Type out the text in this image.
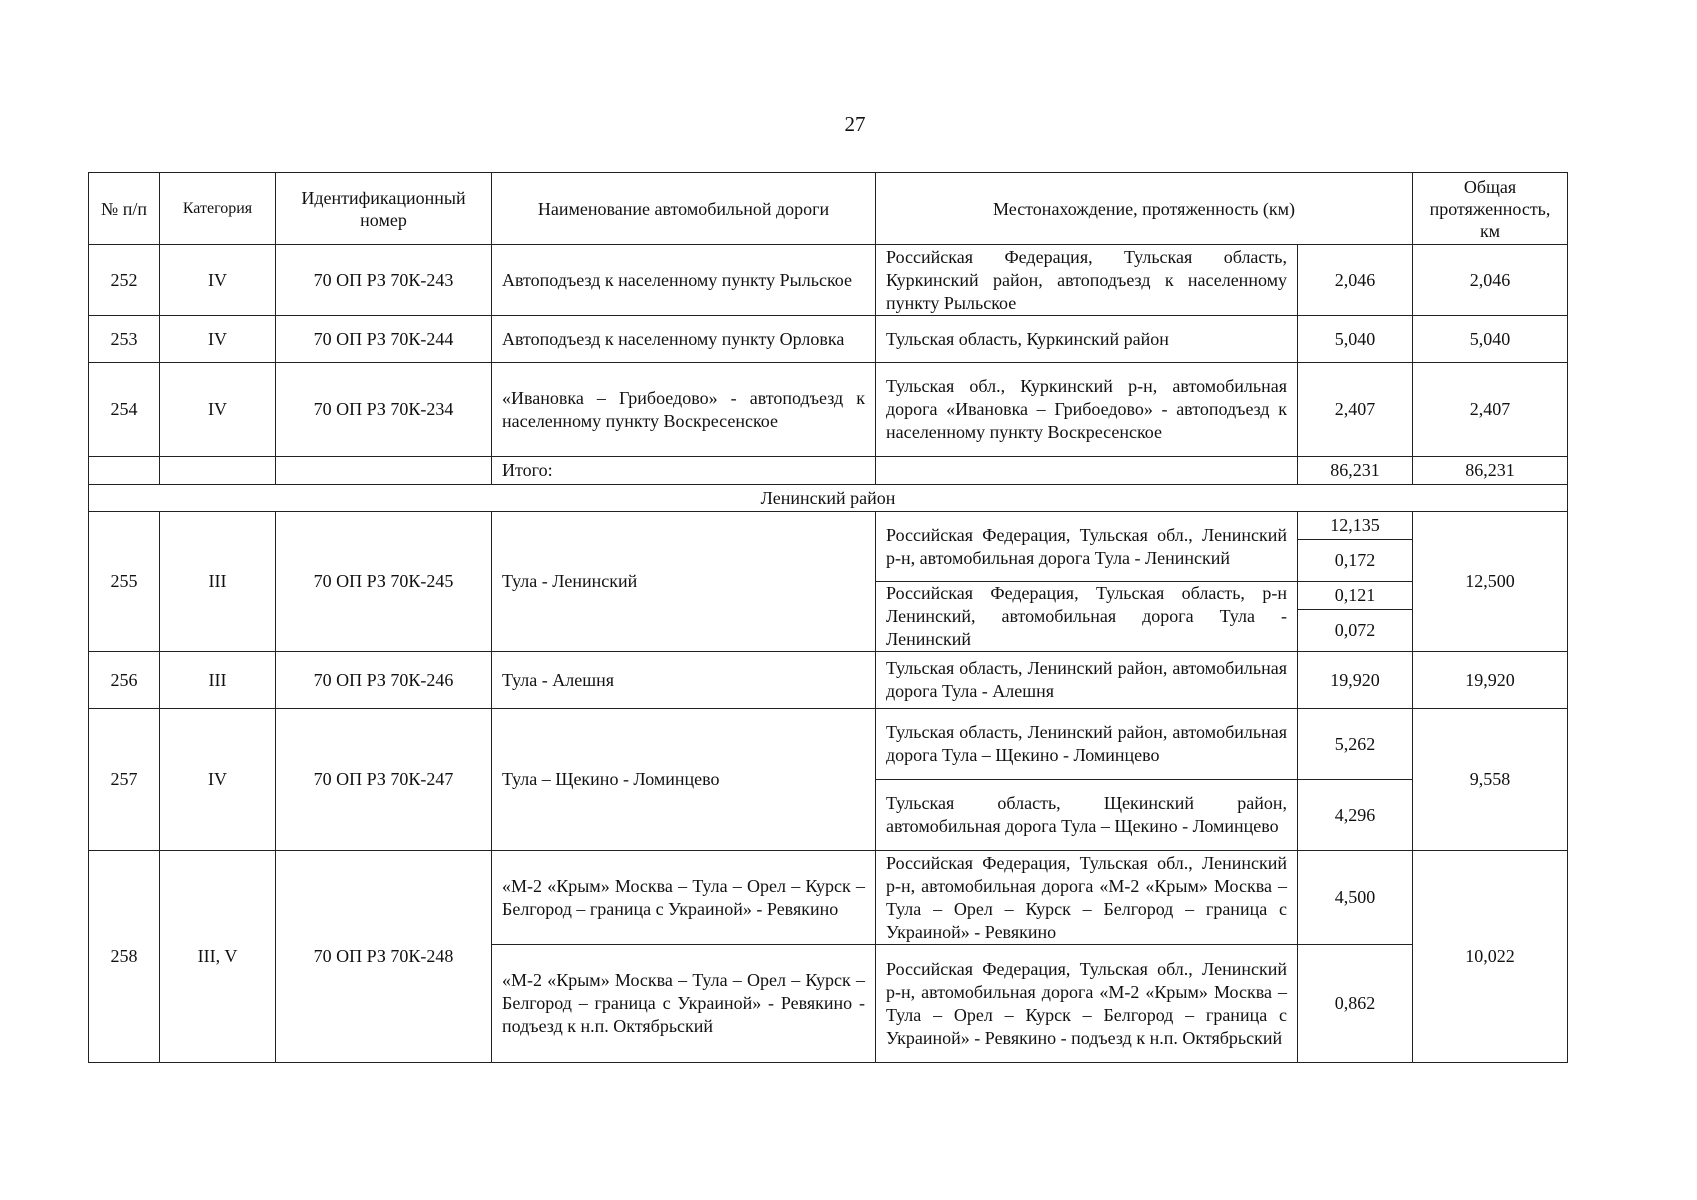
27
№ п/п	Категория	Идентификационный номер	Наименование автомобильной дороги	Местонахождение, протяженность (км)		Общая протяженность, км
252	IV	70 ОП РЗ 70К-243	Автоподъезд к населенному пункту Рыльское	Российская Федерация, Тульская область, Куркинский район, автоподъезд к населенному пункту Рыльское	2,046	2,046
253	IV	70 ОП РЗ 70К-244	Автоподъезд к населенному пункту Орловка	Тульская область, Куркинский район	5,040	5,040
254	IV	70 ОП РЗ 70К-234	«Ивановка – Грибоедово» - автоподъезд к населенному пункту Воскресенское	Тульская обл., Куркинский р-н, автомобильная дорога «Ивановка – Грибоедово» - автоподъезд к населенному пункту Воскресенское	2,407	2,407
			Итого:		86,231	86,231
Ленинский район						
255	III	70 ОП РЗ 70К-245	Тула - Ленинский	Российская Федерация, Тульская обл., Ленинский р-н, автомобильная дорога Тула - Ленинский	12,135	12,500
					0,172	
				Российская Федерация, Тульская область, р-н Ленинский, автомобильная дорога Тула - Ленинский	0,121	
					0,072	
256	III	70 ОП РЗ 70К-246	Тула - Алешня	Тульская область, Ленинский район, автомобильная дорога Тула - Алешня	19,920	19,920
257	IV	70 ОП РЗ 70К-247	Тула – Щекино - Ломинцево	Тульская область, Ленинский район, автомобильная дорога Тула – Щекино - Ломинцево	5,262	9,558
				Тульская область, Щекинский район, автомобильная дорога Тула – Щекино - Ломинцево	4,296	
258	III, V	70 ОП РЗ 70К-248	«М-2 «Крым» Москва – Тула – Орел – Курск – Белгород – граница с Украиной» - Ревякино	Российская Федерация, Тульская обл., Ленинский р-н, автомобильная дорога «М-2 «Крым» Москва – Тула – Орел – Курск – Белгород – граница с Украиной» - Ревякино	4,500	10,022
			«М-2 «Крым» Москва – Тула – Орел – Курск – Белгород – граница с Украиной» - Ревякино - подъезд к н.п. Октябрьский	Российская Федерация, Тульская обл., Ленинский р-н, автомобильная дорога «М-2 «Крым» Москва – Тула – Орел – Курск – Белгород – граница с Украиной» - Ревякино - подъезд к н.п. Октябрьский	0,862	
